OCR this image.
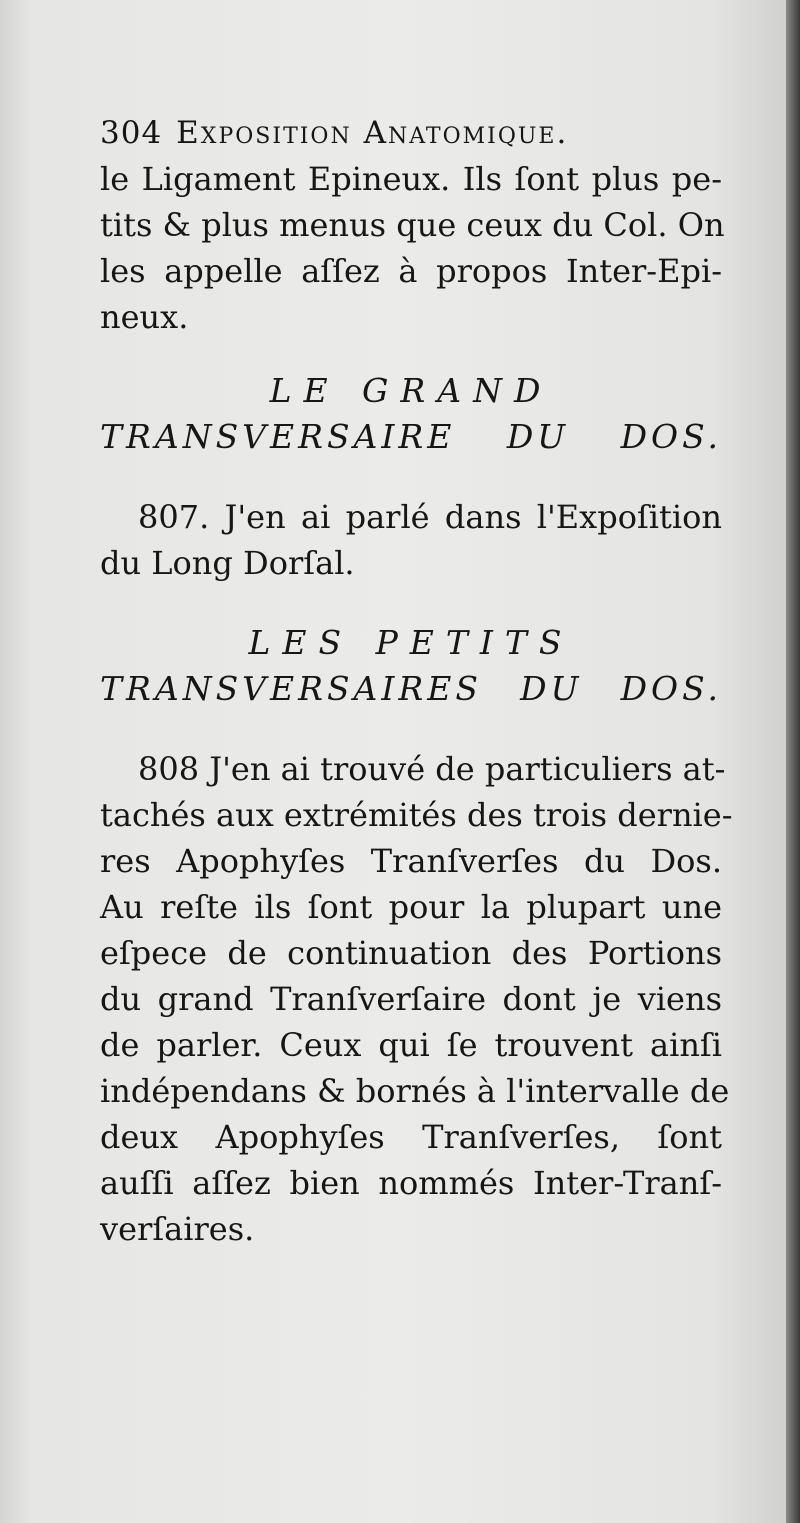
304 Exposition Anatomique.
le Ligament Epineux. Ils ſont plus pe-
tits & plus menus que ceux du Col. On
les appelle aſſez à propos Inter-Epi-
neux.
LE GRAND
TRANSVERSAIRE DU DOS.
807. J'en ai parlé dans l'Expoſition
du Long Dorſal.
LES PETITS
TRANSVERSAIRES DU DOS.
808 J'en ai trouvé de particuliers at-
tachés aux extrémités des trois dernie-
res Apophyſes Tranſverſes du Dos.
Au reſte ils ſont pour la plupart une
eſpece de continuation des Portions
du grand Tranſverſaire dont je viens
de parler. Ceux qui ſe trouvent ainſi
indépendans & bornés à l'intervalle de
deux Apophyſes Tranſverſes, ſont
auſſi aſſez bien nommés Inter-Tranſ-
verſaires.
